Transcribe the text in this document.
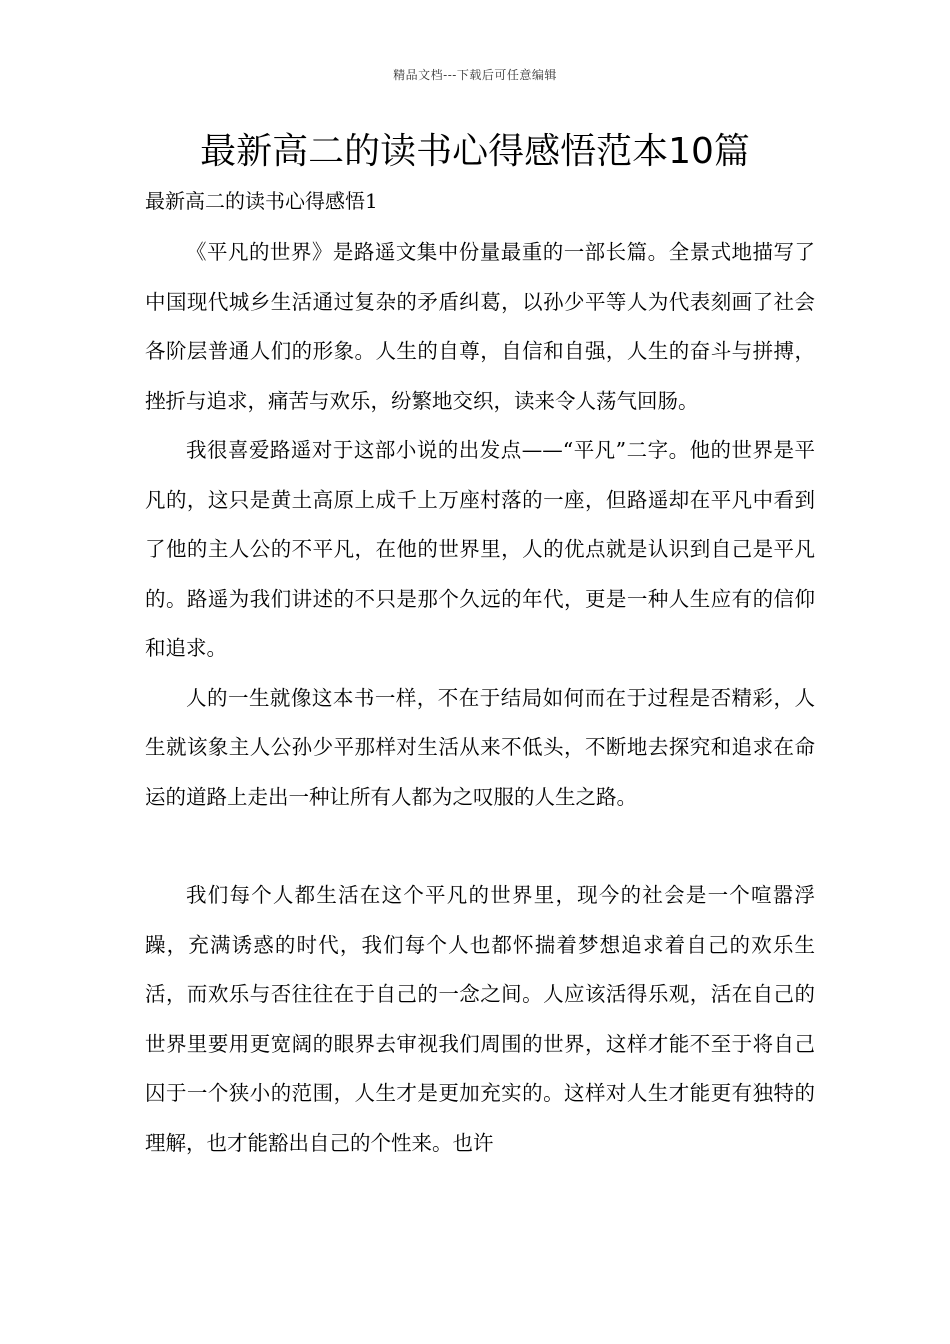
精品文档---下载后可任意编辑
最新高二的读书心得感悟范本10篇
最新高二的读书心得感悟1

《平凡的世界》是路遥文集中份量最重的一部长篇。全景式地描写了中国现代城乡生活通过复杂的矛盾纠葛，以孙少平等人为代表刻画了社会各阶层普通人们的形象。人生的自尊，自信和自强，人生的奋斗与拼搏，挫折与追求，痛苦与欢乐，纷繁地交织，读来令人荡气回肠。

我很喜爱路遥对于这部小说的出发点——“平凡”二字。他的世界是平凡的，这只是黄土高原上成千上万座村落的一座，但路遥却在平凡中看到了他的主人公的不平凡，在他的世界里，人的优点就是认识到自己是平凡的。路遥为我们讲述的不只是那个久远的年代，更是一种人生应有的信仰和追求。

人的一生就像这本书一样，不在于结局如何而在于过程是否精彩，人生就该象主人公孙少平那样对生活从来不低头，不断地去探究和追求在命运的道路上走出一种让所有人都为之叹服的人生之路。

我们每个人都生活在这个平凡的世界里，现今的社会是一个喧嚣浮躁，充满诱惑的时代，我们每个人也都怀揣着梦想追求着自己的欢乐生活，而欢乐与否往往在于自己的一念之间。人应该活得乐观，活在自己的世界里要用更宽阔的眼界去审视我们周围的世界，这样才能不至于将自己囚于一个狭小的范围，人生才是更加充实的。这样对人生才能更有独特的理解，也才能豁出自己的个性来。也许
